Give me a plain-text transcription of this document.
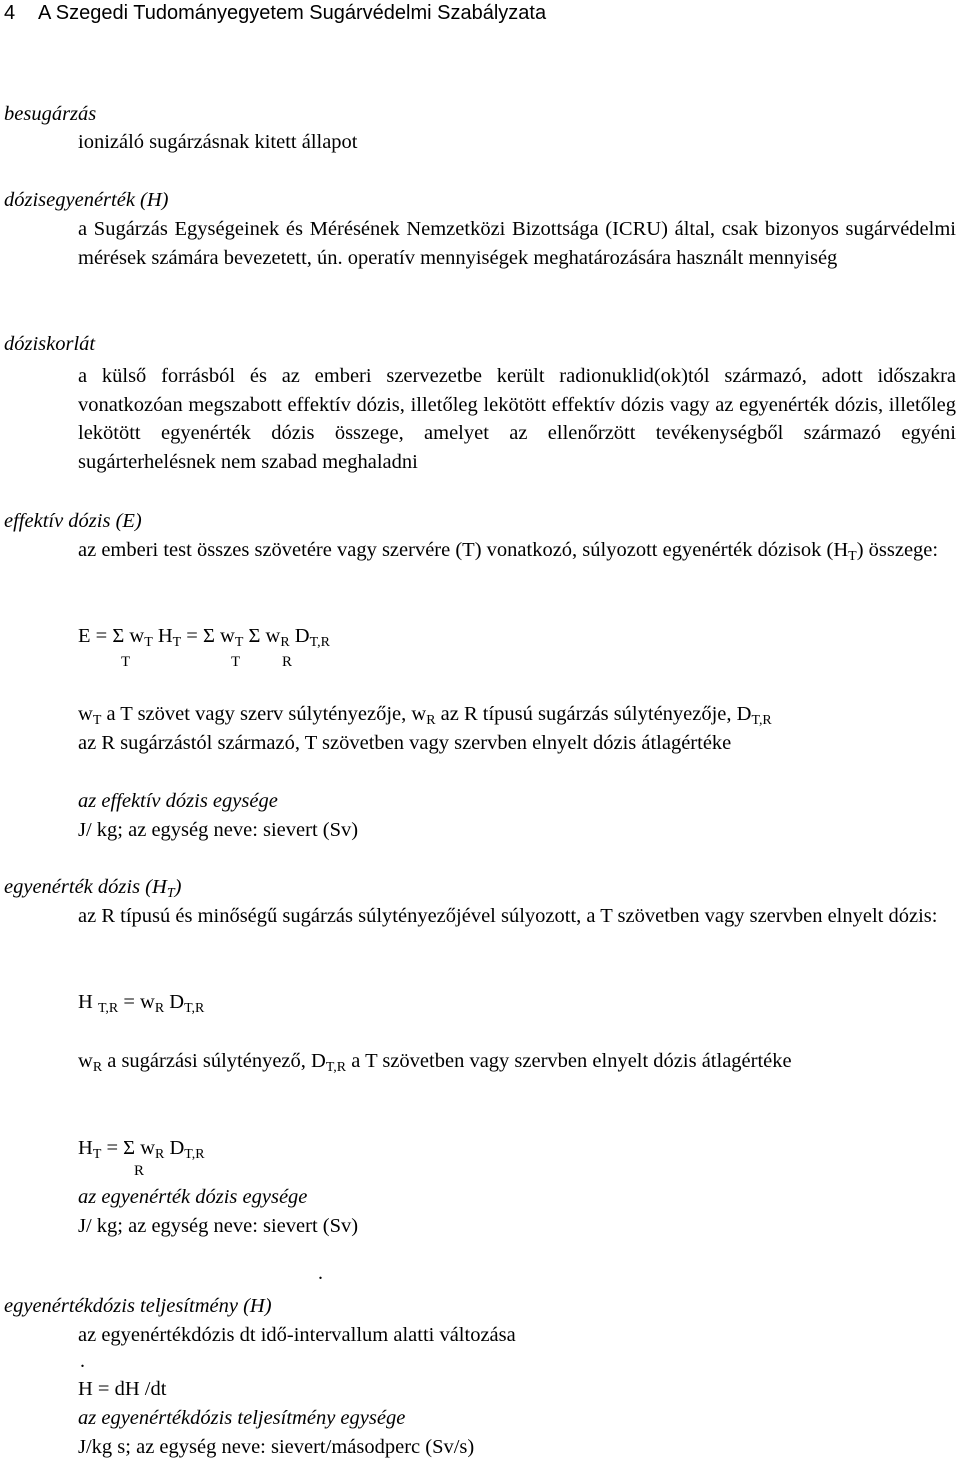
4 A Szegedi Tudományegyetem Sugárvédelmi Szabályzata
besugárzás
ionizáló sugárzásnak kitett állapot
dózisegyenérték (H)
a Sugárzás Egységeinek és Mérésének Nemzetközi Bizottsága (ICRU) által, csak bizonyos sugárvédelmi mérések számára bevezetett, ún. operatív mennyiségek meghatározására használt mennyiség
dóziskorlát
a külső forrásból és az emberi szervezetbe került radionuklid(ok)tól származó, adott időszakra vonatkozóan megszabott effektív dózis, illetőleg lekötött effektív dózis vagy az egyenérték dózis, illetőleg lekötött egyenérték dózis összege, amelyet az ellenőrzött tevékenységből származó egyéni sugárterhelésnek nem szabad meghaladni
effektív dózis (E)
az emberi test összes szövetére vagy szervére (T) vonatkozó, súlyozott egyenérték dózisok $(H_T)$ összege:
E = Σ $w_T$ $H_T = \Sigma$ $w_T$ Σ $w_R$ $D_{T,R}$
T	T	R
$w_T$ a T szövet vagy szerv súlytényezője, $w_R$ az R típusú sugárzás súlytényezője, $D_{T,R}$
az R sugárzástól származó, T szövetben vagy szervben elnyelt dózis átlagértéke
az effektív dózis egysége
J/ kg; az egység neve: sievert (Sv)
egyenérték dózis $(H_T)$
az R típusú és minőségű sugárzás súlytényezőjével súlyozott, a T szövetben vagy szervben elnyelt dózis:
H $_{T,R} = w_R$ $D_{T,R}$
$w_R$ a sugárzási súlytényező, $D_{T,R}$ a T szövetben vagy szervben elnyelt dózis átlagértéke
$H_T = \Sigma$ $w_R$ $D_{T,R}$
R
az egyenérték dózis egysége
J/ kg; az egység neve: sievert (Sv)
.
egyenértékdózis teljesítmény (H)
az egyenértékdózis dt idő-intervallum alatti változása
.
H = dH /dt
az egyenértékdózis teljesítmény egysége
J/kg s; az egység neve: sievert/másodperc (Sv/s)
